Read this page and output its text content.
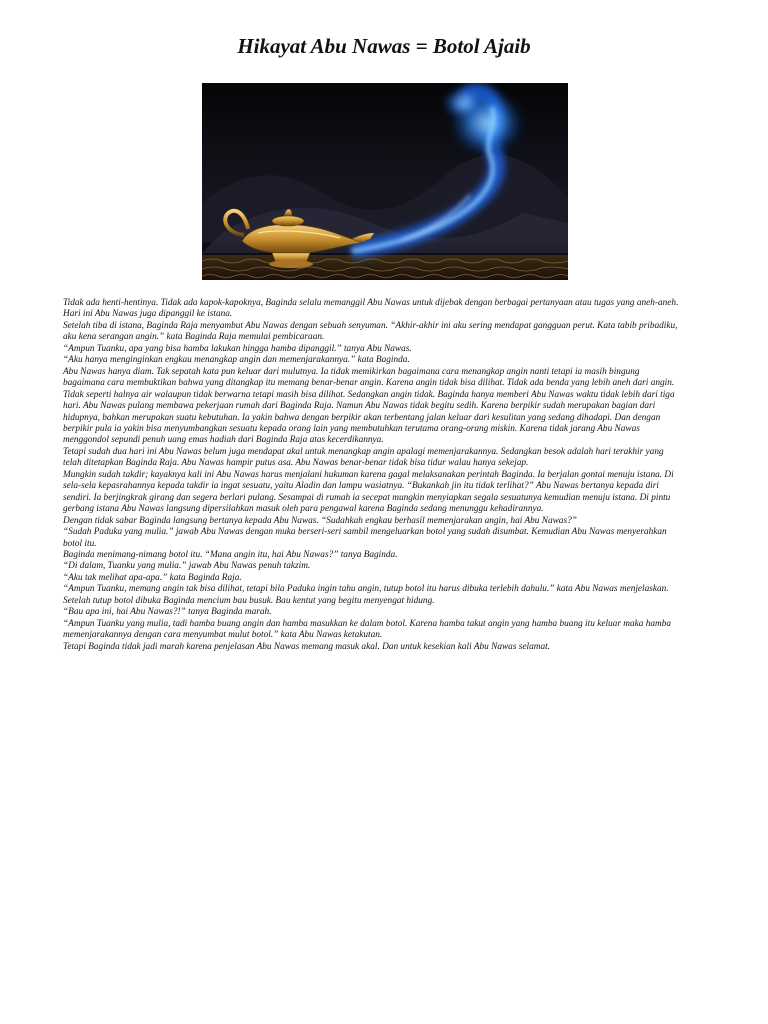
Hikayat Abu Nawas = Botol Ajaib

Tidak ada henti-hentinya. Tidak ada kapok-kapoknya, Baginda selalu memanggil Abu Nawas untuk dijebak dengan berbagai pertanyaan atau tugas yang aneh-aneh. Hari ini Abu Nawas juga dipanggil ke istana.

Setelah tiba di istana, Baginda Raja menyambut Abu Nawas dengan sebuah senyuman. “Akhir-akhir ini aku sering mendapat gangguan perut. Kata tabib pribadiku, aku kena serangan angin.” kata Baginda Raja memulai pembicaraan.

“Ampun Tuanku, apa yang bisa hamba lakukan hingga hamba dipanggil.” tanya Abu Nawas.

“Aku hanya menginginkan engkau menangkap angin dan memenjarakannya.” kata Baginda.

Abu Nawas hanya diam. Tak sepatah kata pun keluar dari mulutnya. Ia tidak memikirkan bagaimana cara menangkap angin nanti tetapi ia masih bingung bagaimana cara membuktikan bahwa yang ditangkap itu memang benar-benar angin. Karena angin tidak bisa dilihat. Tidak ada benda yang lebih aneh dari angin. Tidak seperti halnya air walaupun tidak berwarna tetapi masih bisa dilihat. Sedangkan angin tidak. Baginda hanya memberi Abu Nawas waktu tidak lebih dari tiga hari. Abu Nawas pulang membawa pekerjaan rumah dari Baginda Raja. Namun Abu Nawas tidak begitu sedih. Karena berpikir sudah merupakan bagian dari hidupnya, bahkan merupakan suatu kebutuhan. Ia yakin bahwa dengan berpikir akan terbentang jalan keluar dari kesulitan yang sedang dihadapi. Dan dengan berpikir pula ia yakin bisa menyumbangkan sesuatu kepada orang lain yang membutuhkan terutama orang-orang miskin. Karena tidak jarang Abu Nawas menggondol sepundi penuh uang emas hadiah dari Baginda Raja atas kecerdikannya.

Tetapi sudah dua hari ini Abu Nawas belum juga mendapat akal untuk menangkap angin apalagi memenjarakannya. Sedangkan besok adalah hari terakhir yang telah ditetapkan Baginda Raja. Abu Nawas hampir putus asa. Abu Nawas benar-benar tidak bisa tidur walau hanya sekejap.

Mungkin sudah takdir; kayaknya kali ini Abu Nawas harus menjalani hukuman karena gagal melaksanakan perintah Baginda. Ia berjalan gontai menuju istana. Di sela-sela kepasrahannya kepada takdir ia ingat sesuatu, yaitu Aladin dan lampu wasiatnya. “Bukankah jin itu tidak terlihat?” Abu Nawas bertanya kepada diri sendiri. Ia berjingkrak girang dan segera berlari pulang. Sesampai di rumah ia secepat mungkin menyiapkan segala sesuatunya kemudian menuju istana. Di pintu gerbang istana Abu Nawas langsung dipersilahkan masuk oleh para pengawal karena Baginda sedang menunggu kehadirannya.

Dengan tidak sabar Baginda langsung bertanya kepada Abu Nawas. “Sudahkah engkau berhasil memenjarakan angin, hai Abu Nawas?”

“Sudah Paduka yang mulia.” jawab Abu Nawas dengan muka berseri-seri sambil mengeluarkan botol yang sudah disumbat. Kemudian Abu Nawas menyerahkan botol itu.

Baginda menimang-nimang botol itu. “Mana angin itu, hai Abu Nawas?” tanya Baginda.

“Di dalam, Tuanku yang mulia.” jawab Abu Nawas penuh takzim.

“Aku tak melihat apa-apa.” kata Baginda Raja.

“Ampun Tuanku, memang angin tak bisa dilihat, tetapi bila Paduka ingin tahu angin, tutup botol itu harus dibuka terlebih dahulu.” kata Abu Nawas menjelaskan. Setelah tutup botol dibuka Baginda mencium bau busuk. Bau kentut yang begitu menyengat hidung.

“Bau apa ini, hai Abu Nawas?!” tanya Baginda marah.

“Ampun Tuanku yang mulia, tadi hamba buang angin dan hamba masukkan ke dalam botol. Karena hamba takut angin yang hamba buang itu keluar maka hamba memenjarakannya dengan cara menyumbat mulut botol.” kata Abu Nawas ketakutan.

Tetapi Baginda tidak jadi marah karena penjelasan Abu Nawas memang masuk akal. Dan untuk kesekian kali Abu Nawas selamat.
